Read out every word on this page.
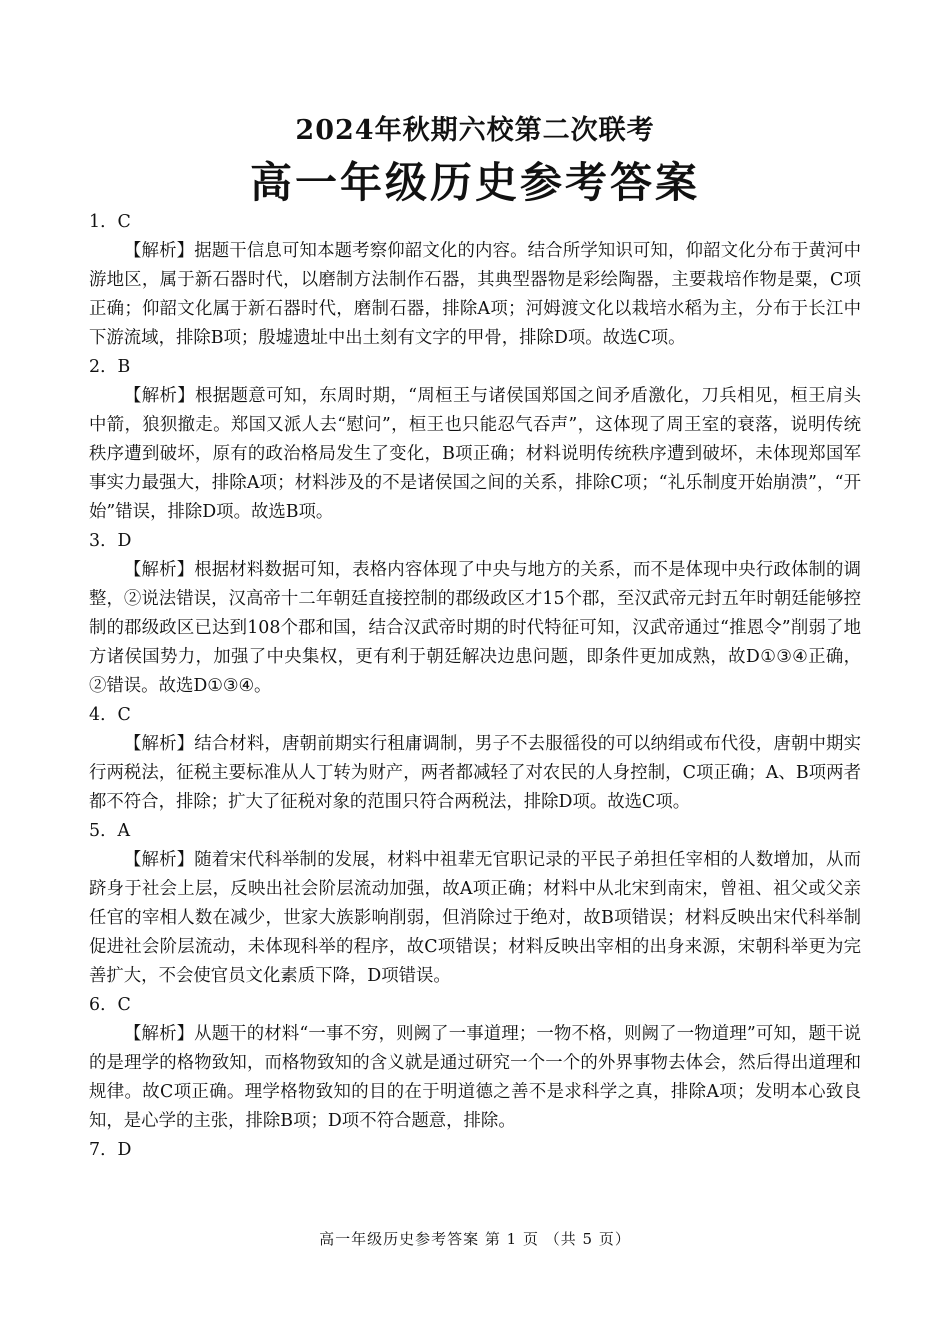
2024年秋期六校第二次联考
高一年级历史参考答案

1．C

【解析】据题干信息可知本题考察仰韶文化的内容。结合所学知识可知，仰韶文化分布于黄河中游地区，属于新石器时代，以磨制方法制作石器，其典型器物是彩绘陶器，主要栽培作物是粟，C项正确；仰韶文化属于新石器时代，磨制石器，排除A项；河姆渡文化以栽培水稻为主，分布于长江中下游流域，排除B项；殷墟遗址中出土刻有文字的甲骨，排除D项。故选C项。

2．B

【解析】根据题意可知，东周时期，“周桓王与诸侯国郑国之间矛盾激化，刀兵相见，桓王肩头中箭，狼狈撤走。郑国又派人去“慰问”，桓王也只能忍气吞声”，这体现了周王室的衰落，说明传统秩序遭到破坏，原有的政治格局发生了变化，B项正确；材料说明传统秩序遭到破坏，未体现郑国军事实力最强大，排除A项；材料涉及的不是诸侯国之间的关系，排除C项；“礼乐制度开始崩溃”，“开始”错误，排除D项。故选B项。

3．D

【解析】根据材料数据可知，表格内容体现了中央与地方的关系，而不是体现中央行政体制的调整，②说法错误，汉高帝十二年朝廷直接控制的郡级政区才15个郡，至汉武帝元封五年时朝廷能够控制的郡级政区已达到108个郡和国，结合汉武帝时期的时代特征可知，汉武帝通过“推恩令”削弱了地方诸侯国势力，加强了中央集权，更有利于朝廷解决边患问题，即条件更加成熟，故D①③④正确，②错误。故选D①③④。

4．C

【解析】结合材料，唐朝前期实行租庸调制，男子不去服徭役的可以纳绢或布代役，唐朝中期实行两税法，征税主要标准从人丁转为财产，两者都减轻了对农民的人身控制，C项正确；A、B项两者都不符合，排除；扩大了征税对象的范围只符合两税法，排除D项。故选C项。

5．A

【解析】随着宋代科举制的发展，材料中祖辈无官职记录的平民子弟担任宰相的人数增加，从而跻身于社会上层，反映出社会阶层流动加强，故A项正确；材料中从北宋到南宋，曾祖、祖父或父亲任官的宰相人数在减少，世家大族影响削弱，但消除过于绝对，故B项错误；材料反映出宋代科举制促进社会阶层流动，未体现科举的程序，故C项错误；材料反映出宰相的出身来源，宋朝科举更为完善扩大，不会使官员文化素质下降，D项错误。

6．C

【解析】从题干的材料“一事不穷，则阙了一事道理；一物不格，则阙了一物道理”可知，题干说的是理学的格物致知，而格物致知的含义就是通过研究一个一个的外界事物去体会，然后得出道理和规律。故C项正确。理学格物致知的目的在于明道德之善不是求科学之真，排除A项；发明本心致良知，是心学的主张，排除B项；D项不符合题意，排除。

7．D

高一年级历史参考答案 第 1 页 （共 5 页）
